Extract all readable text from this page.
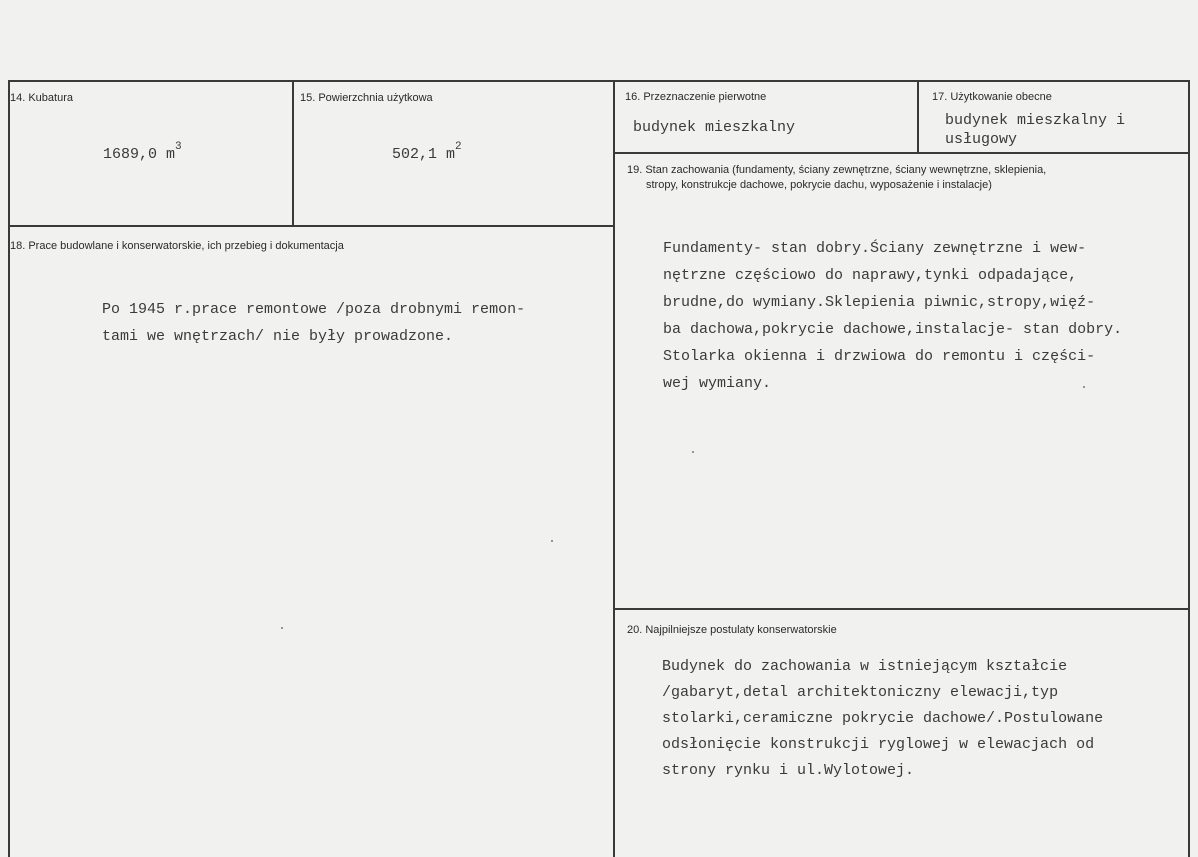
14. Kubatura
1689,0 $m^3$
15. Powierzchnia użytkowa
502,1 $m^2$
16. Przeznaczenie pierwotne
budynek mieszkalny
17. Użytkowanie obecne
budynek mieszkalny i
usługowy
18. Prace budowlane i konserwatorskie, ich przebieg i dokumentacja
Po 1945 r.prace remontowe /poza drobnymi remon-
tami we wnętrzach/ nie były prowadzone.
19. Stan zachowania (fundamenty, ściany zewnętrzne, ściany wewnętrzne, sklepienia,
stropy, konstrukcje dachowe, pokrycie dachu, wyposażenie i instalacje)
Fundamenty- stan dobry.Ściany zewnętrzne i wew-
nętrzne częściowo do naprawy,tynki odpadające,
brudne,do wymiany.Sklepienia piwnic,stropy,więź-
ba dachowa,pokrycie dachowe,instalacje- stan dobry.
Stolarka okienna i drzwiowa do remontu i części-
wej wymiany.
20. Najpilniejsze postulaty konserwatorskie
Budynek do zachowania w istniejącym kształcie
/gabaryt,detal architektoniczny elewacji,typ
stolarki,ceramiczne pokrycie dachowe/.Postulowane
odsłonięcie konstrukcji ryglowej w elewacjach od
strony rynku i ul.Wylotowej.
